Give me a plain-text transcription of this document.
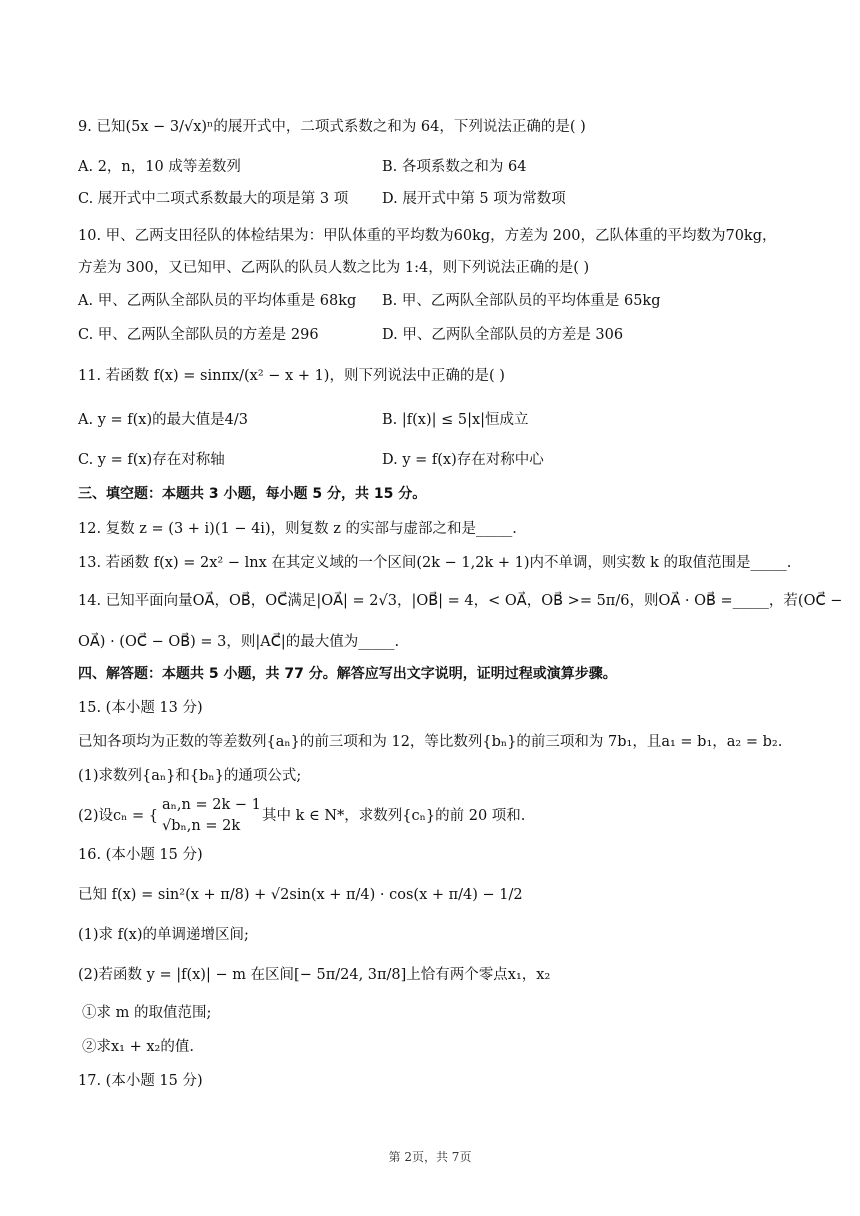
9. 已知(5x − 3/√x)ⁿ的展开式中，二项式系数之和为 64，下列说法正确的是( )
A. 2，n，10 成等差数列	B. 各项系数之和为 64
C. 展开式中二项式系数最大的项是第 3 项 D. 展开式中第 5 项为常数项
10. 甲、乙两支田径队的体检结果为：甲队体重的平均数为60kg，方差为 200，乙队体重的平均数为70kg，
方差为 300，又已知甲、乙两队的队员人数之比为 1:4，则下列说法正确的是( )
A. 甲、乙两队全部队员的平均体重是 68kg B. 甲、乙两队全部队员的平均体重是 65kg
C. 甲、乙两队全部队员的方差是 296	D. 甲、乙两队全部队员的方差是 306
11. 若函数 f(x) = sinπx/(x² − x + 1)，则下列说法中正确的是( )
A. y = f(x)的最大值是4/3	B. |f(x)| ≤ 5|x|恒成立
C. y = f(x)存在对称轴	D. y = f(x)存在对称中心
三、填空题：本题共 3 小题，每小题 5 分，共 15 分。
12. 复数 z = (3 + i)(1 − 4i)，则复数 z 的实部与虚部之和是_____.
13. 若函数 f(x) = 2x² − lnx 在其定义域的一个区间(2k − 1,2k + 1)内不单调，则实数 k 的取值范围是_____.
14. 已知平面向量OA⃗，OB⃗，OC⃗满足|OA⃗| = 2√3，|OB⃗| = 4，< OA⃗，OB⃗ >= 5π/6，则OA⃗ · OB⃗ =_____，若(OC⃗ −
OA⃗) · (OC⃗ − OB⃗) = 3，则|AC⃗|的最大值为_____.
四、解答题：本题共 5 小题，共 77 分。解答应写出文字说明，证明过程或演算步骤。
15. (本小题 13 分)
已知各项均为正数的等差数列{aₙ}的前三项和为 12，等比数列{bₙ}的前三项和为 7b₁，且a₁ = b₁，a₂ = b₂.
(1)求数列{aₙ}和{bₙ}的通项公式;
(2)设cₙ = {
aₙ,n = 2k − 1
√bₙ,n = 2k
其中 k ∈ N*，求数列{cₙ}的前 20 项和.
16. (本小题 15 分)
已知 f(x) = sin²(x + π/8) + √2sin(x + π/4) · cos(x + π/4) − 1/2
(1)求 f(x)的单调递增区间;
(2)若函数 y = |f(x)| − m 在区间[− 5π/24, 3π/8]上恰有两个零点x₁，x₂
①求 m 的取值范围;
②求x₁ + x₂的值.
17. (本小题 15 分)
第 2页，共 7页
